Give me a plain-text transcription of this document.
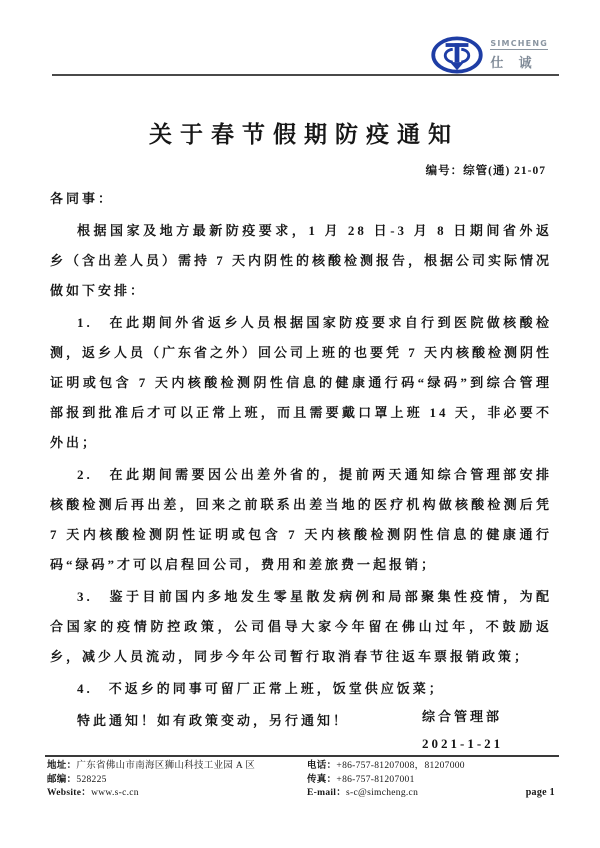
SIMCHENG
仕 诚
关于春节假期防疫通知
编号：综管(通) 21-07

各同事：

根据国家及地方最新防疫要求，1 月 28 日-3 月 8 日期间省外返乡（含出差人员）需持 7 天内阴性的核酸检测报告，根据公司实际情况做如下安排：

1.　在此期间外省返乡人员根据国家防疫要求自行到医院做核酸检测，返乡人员（广东省之外）回公司上班的也要凭 7 天内核酸检测阴性证明或包含 7 天内核酸检测阴性信息的健康通行码“绿码”到综合管理部报到批准后才可以正常上班，而且需要戴口罩上班 14 天，非必要不外出；

2.　在此期间需要因公出差外省的，提前两天通知综合管理部安排核酸检测后再出差，回来之前联系出差当地的医疗机构做核酸检测后凭 7 天内核酸检测阴性证明或包含 7 天内核酸检测阴性信息的健康通行码“绿码”才可以启程回公司，费用和差旅费一起报销；

3.　鉴于目前国内多地发生零星散发病例和局部聚集性疫情，为配合国家的疫情防控政策，公司倡导大家今年留在佛山过年，不鼓励返乡，减少人员流动，同步今年公司暂行取消春节往返车票报销政策；

4.　不返乡的同事可留厂正常上班，饭堂供应饭菜；

特此通知！如有政策变动，另行通知！	综合管理部
2021-1-21
地址：广东省佛山市南海区狮山科技工业园 A 区
邮编：528225
Website：www.s-c.cn
电话：+86-757-81207008，81207000
传真：+86-757-81207001
E-mail：s-c@simcheng.cn	page 1
